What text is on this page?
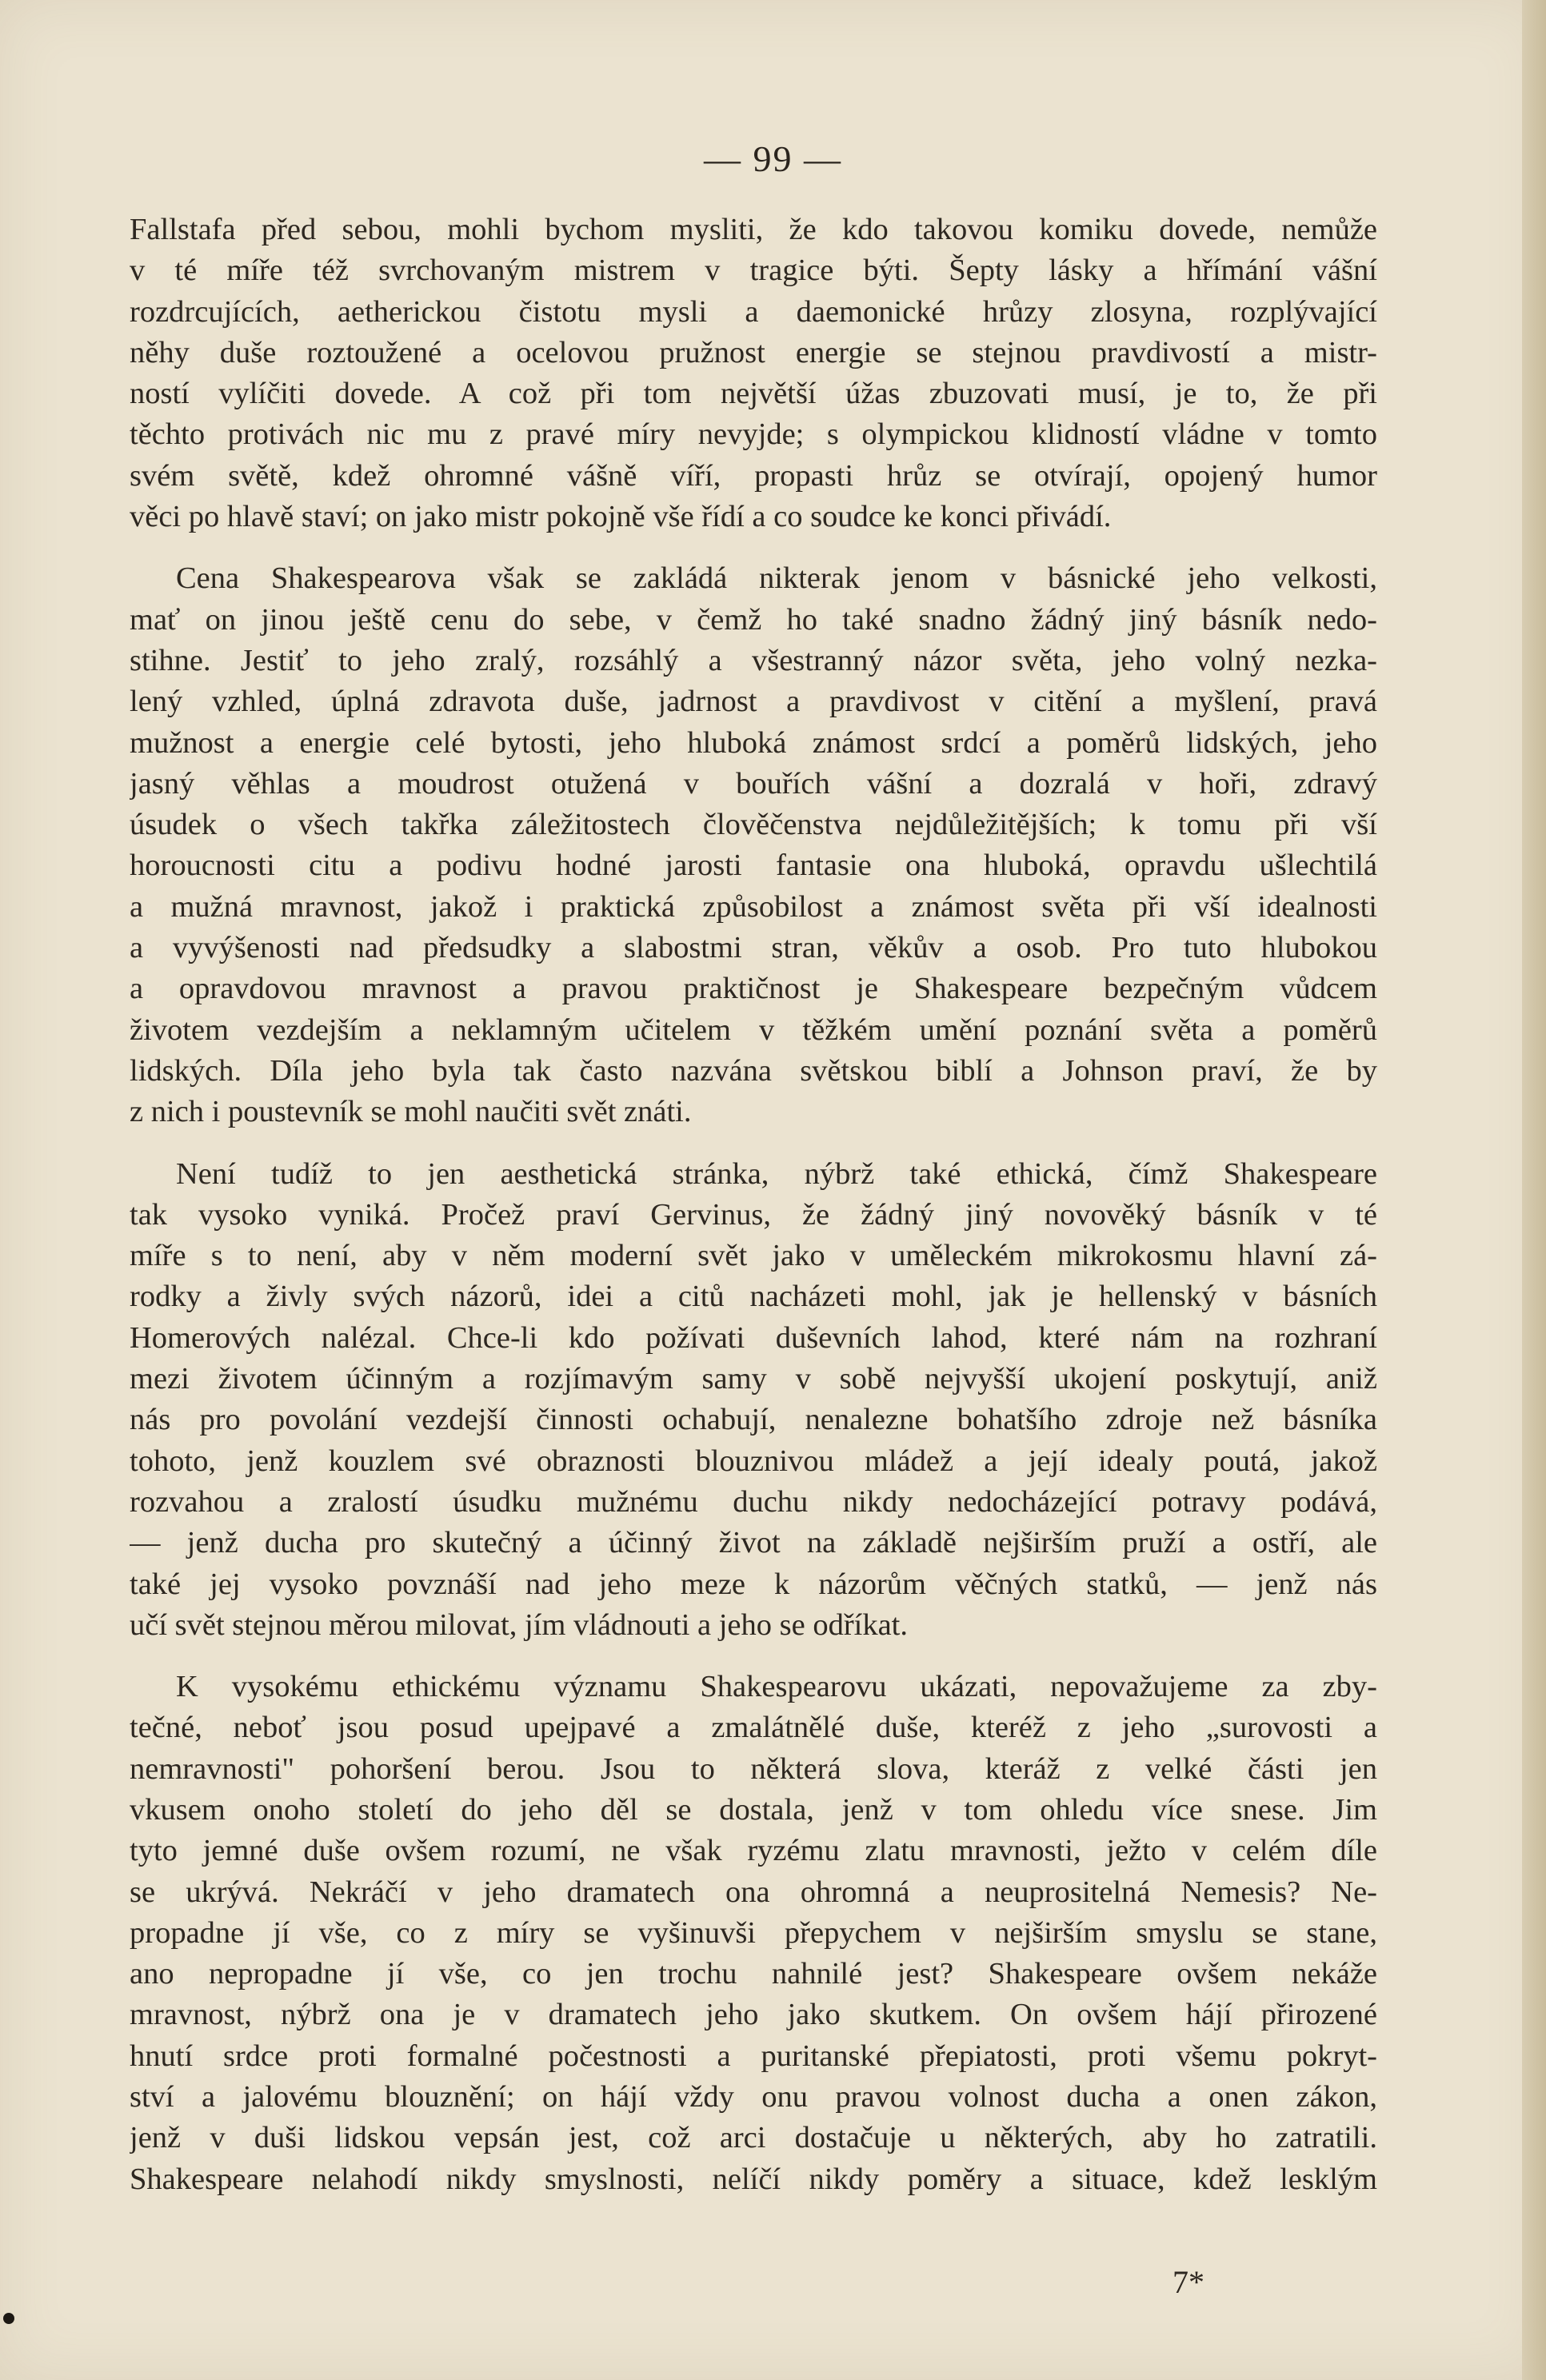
— 99 —
Fallstafa před sebou, mohli bychom mysliti, že kdo takovou komiku dovede, nemůže
v té míře též svrchovaným mistrem v tragice býti. Šepty lásky a hřímání vášní
rozdrcujících, aetherickou čistotu mysli a daemonické hrůzy zlosyna, rozplývající
něhy duše roztoužené a ocelovou pružnost energie se stejnou pravdivostí a mistr-
ností vylíčiti dovede. A což při tom největší úžas zbuzovati musí, je to, že při
těchto protivách nic mu z pravé míry nevyjde; s olympickou klidností vládne v tomto
svém světě, kdež ohromné vášně víří, propasti hrůz se otvírají, opojený humor
věci po hlavě staví; on jako mistr pokojně vše řídí a co soudce ke konci přivádí.
Cena Shakespearova však se zakládá nikterak jenom v básnické jeho velkosti,
mať on jinou ještě cenu do sebe, v čemž ho také snadno žádný jiný básník nedo-
stihne. Jestiť to jeho zralý, rozsáhlý a všestranný názor světa, jeho volný nezka-
lený vzhled, úplná zdravota duše, jadrnost a pravdivost v citění a myšlení, pravá
mužnost a energie celé bytosti, jeho hluboká známost srdcí a poměrů lidských, jeho
jasný věhlas a moudrost otužená v bouřích vášní a dozralá v hoři, zdravý
úsudek o všech takřka záležitostech člověčenstva nejdůležitějších; k tomu při vší
horoucnosti citu a podivu hodné jarosti fantasie ona hluboká, opravdu ušlechtilá
a mužná mravnost, jakož i praktická způsobilost a známost světa při vší idealnosti
a vyvýšenosti nad předsudky a slabostmi stran, věkův a osob. Pro tuto hlubokou
a opravdovou mravnost a pravou praktičnost je Shakespeare bezpečným vůdcem
životem vezdejším a neklamným učitelem v těžkém umění poznání světa a poměrů
lidských. Díla jeho byla tak často nazvána světskou biblí a Johnson praví, že by
z nich i poustevník se mohl naučiti svět znáti.
Není tudíž to jen aesthetická stránka, nýbrž také ethická, čímž Shakespeare
tak vysoko vyniká. Pročež praví Gervinus, že žádný jiný novověký básník v té
míře s to není, aby v něm moderní svět jako v uměleckém mikrokosmu hlavní zá-
rodky a živly svých názorů, idei a citů nacházeti mohl, jak je hellenský v básních
Homerových nalézal. Chce-li kdo požívati duševních lahod, které nám na rozhraní
mezi životem účinným a rozjímavým samy v sobě nejvyšší ukojení poskytují, aniž
nás pro povolání vezdejší činnosti ochabují, nenalezne bohatšího zdroje než básníka
tohoto, jenž kouzlem své obraznosti blouznivou mládež a její idealy poutá, jakož
rozvahou a zralostí úsudku mužnému duchu nikdy nedocházející potravy podává,
— jenž ducha pro skutečný a účinný život na základě nejširším pruží a ostří, ale
také jej vysoko povznáší nad jeho meze k názorům věčných statků, — jenž nás
učí svět stejnou měrou milovat, jím vládnouti a jeho se odříkat.
K vysokému ethickému významu Shakespearovu ukázati, nepovažujeme za zby-
tečné, neboť jsou posud upejpavé a zmalátnělé duše, kteréž z jeho „surovosti a
nemravnosti" pohoršení berou. Jsou to některá slova, kteráž z velké části jen
vkusem onoho století do jeho děl se dostala, jenž v tom ohledu více snese. Jim
tyto jemné duše ovšem rozumí, ne však ryzému zlatu mravnosti, ježto v celém díle
se ukrývá. Nekráčí v jeho dramatech ona ohromná a neuprositelná Nemesis? Ne-
propadne jí vše, co z míry se vyšinuvši přepychem v nejširším smyslu se stane,
ano nepropadne jí vše, co jen trochu nahnilé jest? Shakespeare ovšem nekáže
mravnost, nýbrž ona je v dramatech jeho jako skutkem. On ovšem hájí přirozené
hnutí srdce proti formalné počestnosti a puritanské přepiatosti, proti všemu pokryt-
ství a jalovému blouznění; on hájí vždy onu pravou volnost ducha a onen zákon,
jenž v duši lidskou vepsán jest, což arci dostačuje u některých, aby ho zatratili.
Shakespeare nelahodí nikdy smyslnosti, nelíčí nikdy poměry a situace, kdež lesklým
7*
